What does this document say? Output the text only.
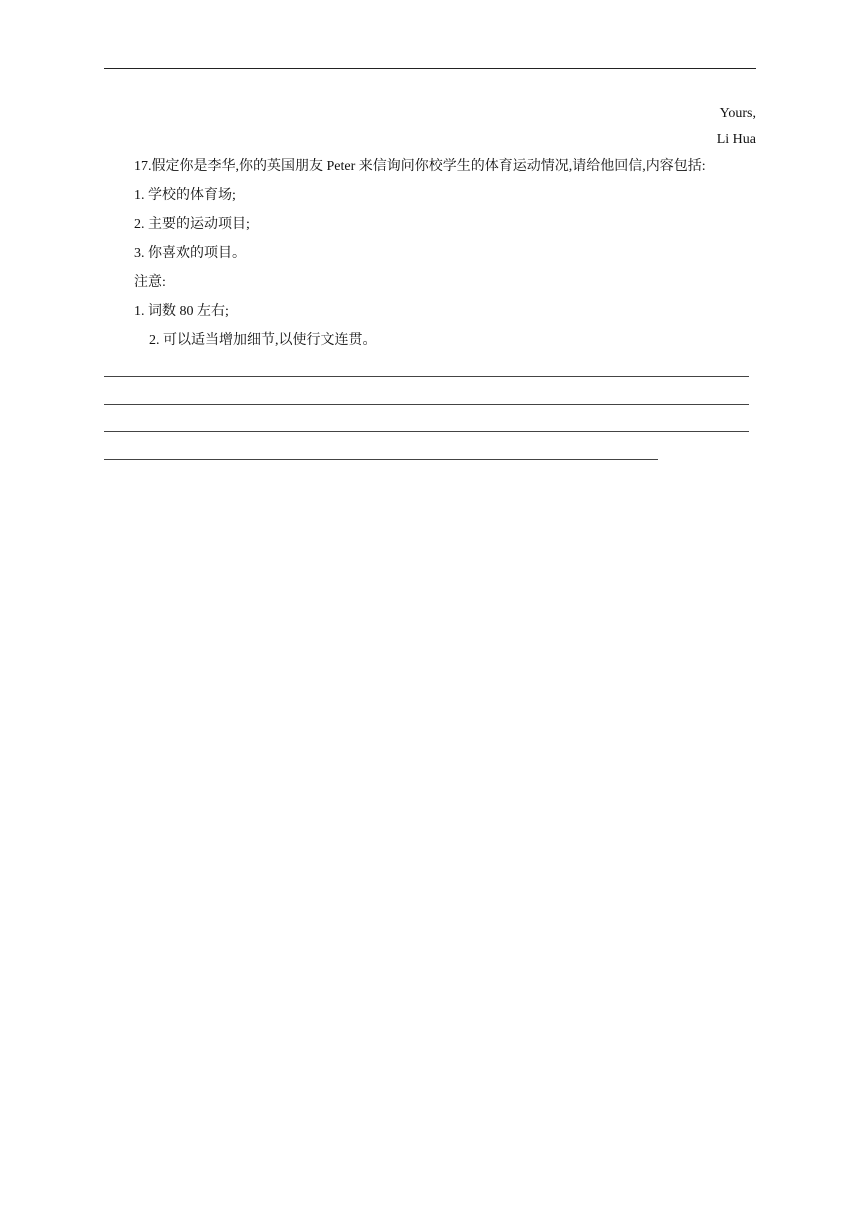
Yours,
Li Hua

17.假定你是李华,你的英国朋友 Peter 来信询问你校学生的体育运动情况,请给他回信,内容包括:

1. 学校的体育场;

2. 主要的运动项目;

3. 你喜欢的项目。

注意:

1. 词数 80 左右;

2. 可以适当增加细节,以使行文连贯。
